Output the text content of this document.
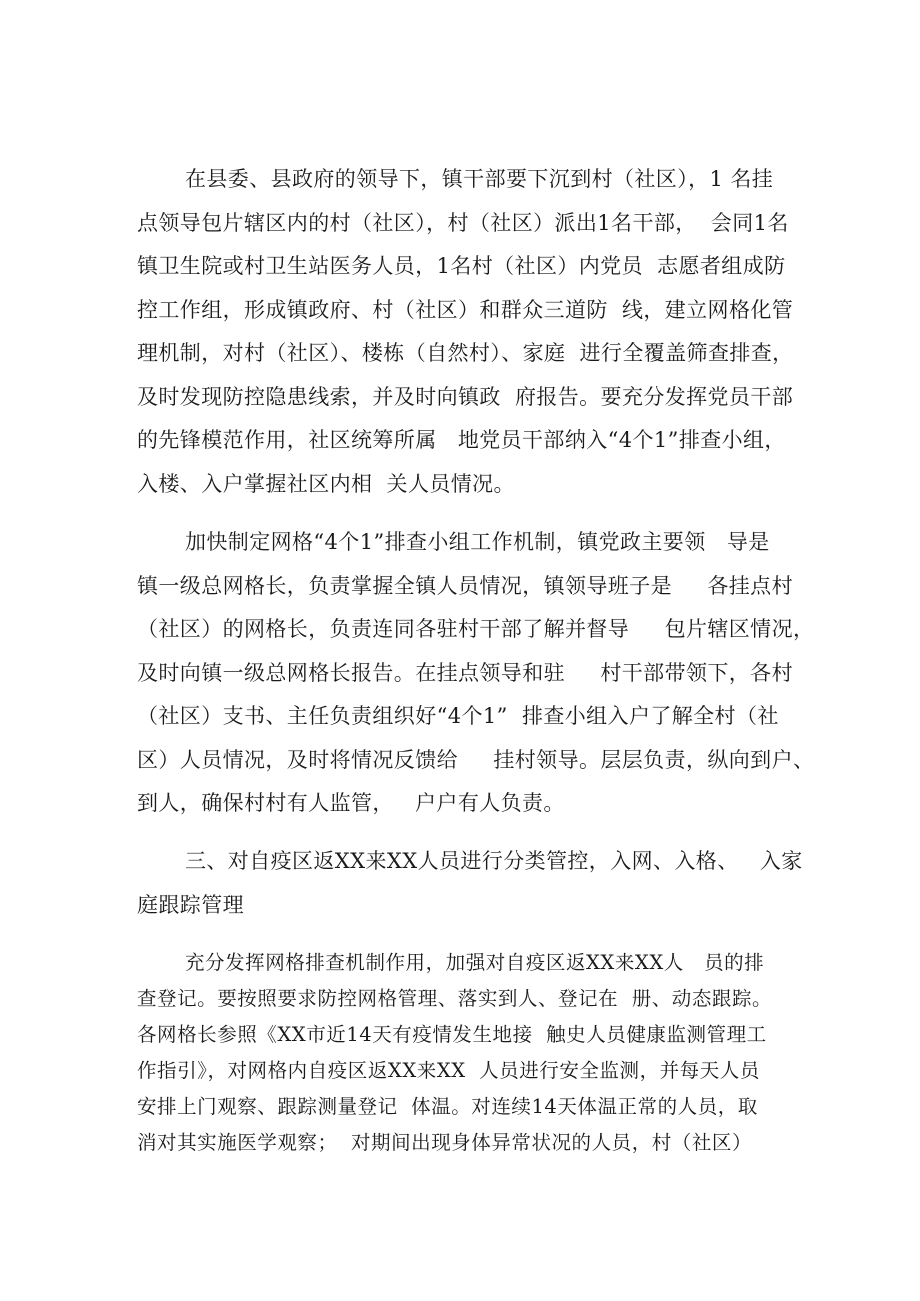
在县委、县政府的领导下，镇干部要下沉到村（社区），1 名挂
点领导包片辖区内的村（社区），村（社区）派出1名干部，  会同1名
镇卫生院或村卫生站医务人员，1名村（社区）内党员  志愿者组成防
控工作组，形成镇政府、村（社区）和群众三道防  线，建立网格化管
理机制，对村（社区）、楼栋（自然村）、家庭  进行全覆盖筛查排查，
及时发现防控隐患线索，并及时向镇政  府报告。要充分发挥党员干部
的先锋模范作用，社区统筹所属   地党员干部纳入“4个1”排查小组，
入楼、入户掌握社区内相  关人员情况。
加快制定网格“4个1”排查小组工作机制，镇党政主要领   导是
镇一级总网格长，负责掌握全镇人员情况，镇领导班子是     各挂点村
（社区）的网格长，负责连同各驻村干部了解并督导     包片辖区情况，
及时向镇一级总网格长报告。在挂点领导和驻     村干部带领下，各村
（社区）支书、主任负责组织好“4个1”  排查小组入户了解全村（社
区）人员情况，及时将情况反馈给     挂村领导。层层负责，纵向到户、
到人，确保村村有人监管，   户户有人负责。
三、对自疫区返XX来XX人员进行分类管控，入网、入格、   入家
庭跟踪管理
充分发挥网格排查机制作用，加强对自疫区返XX来XX人   员的排
查登记。要按照要求防控网格管理、落实到人、登记在  册、动态跟踪。
各网格长参照《XX市近14天有疫情发生地接  触史人员健康监测管理工
作指引》，对网格内自疫区返XX来XX  人员进行安全监测，并每天人员
安排上门观察、跟踪测量登记  体温。对连续14天体温正常的人员，取
消对其实施医学观察；  对期间出现身体异常状况的人员，村（社区）
